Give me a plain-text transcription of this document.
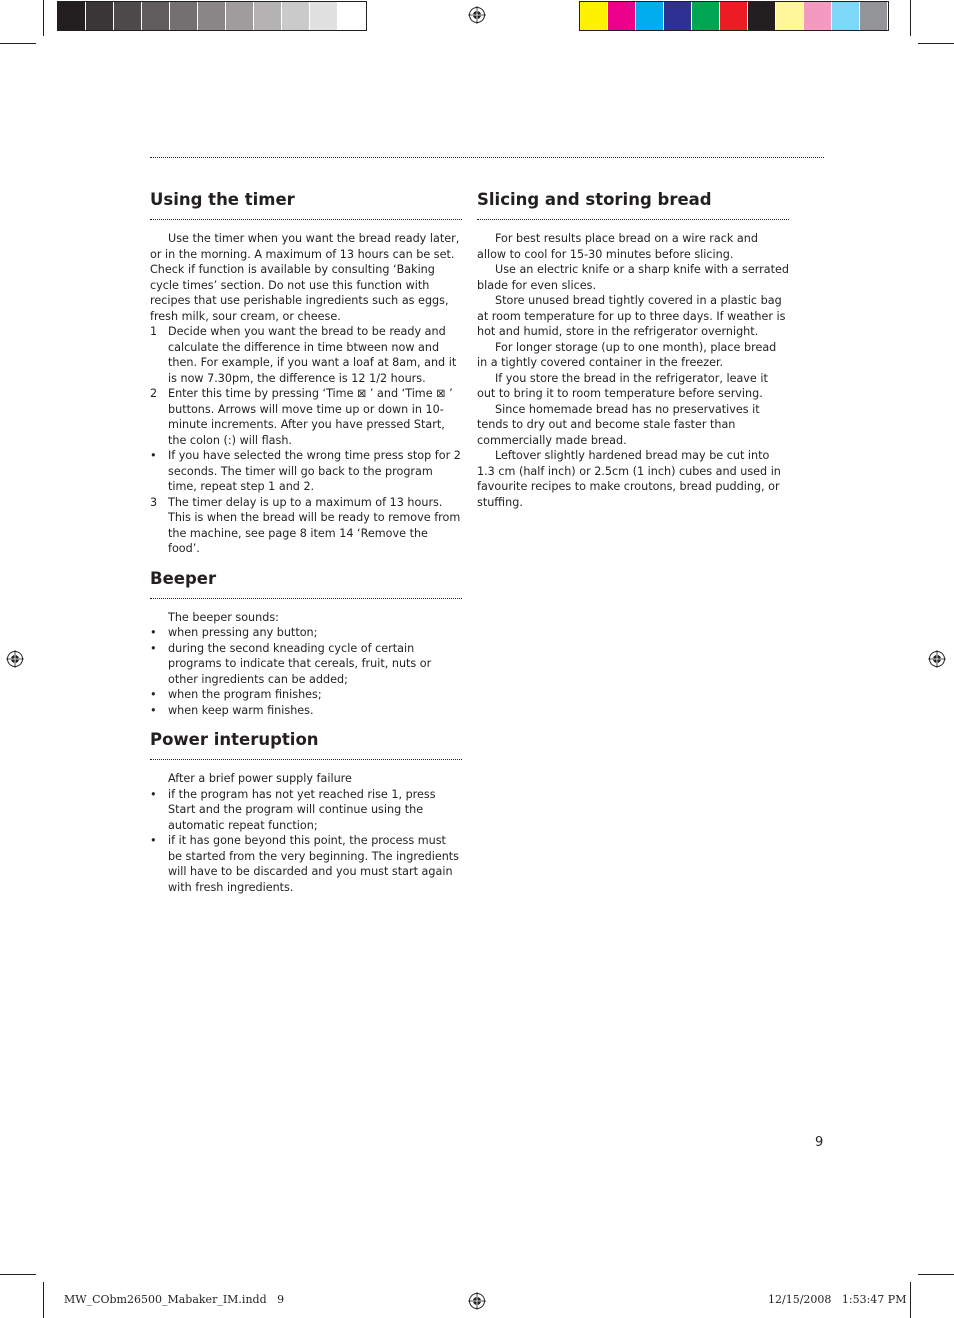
Using the timer

Use the timer when you want the bread ready later, or in the morning. A maximum of 13 hours can be set. Check if function is available by consulting ‘Baking cycle times’ section. Do not use this function with recipes that use perishable ingredients such as eggs, fresh milk, sour cream, or cheese.

1 Decide when you want the bread to be ready and calculate the difference in time btween now and then. For example, if you want a loaf at 8am, and it is now 7.30pm, the difference is 12 1/2 hours.
2 Enter this time by pressing ‘Time ⊠ ’ and ‘Time ⊠ ’ buttons. Arrows will move time up or down in 10-minute increments. After you have pressed Start, the colon (:) will flash.
• If you have selected the wrong time press stop for 2 seconds. The timer will go back to the program time, repeat step 1 and 2.
3 The timer delay is up to a maximum of 13 hours. This is when the bread will be ready to remove from the machine, see page 8 item 14 ‘Remove the food’.
Beeper

The beeper sounds:

• when pressing any button;
• during the second kneading cycle of certain programs to indicate that cereals, fruit, nuts or other ingredients can be added;
• when the program finishes;
• when keep warm finishes.
Power interuption

After a brief power supply failure

• if the program has not yet reached rise 1, press Start and the program will continue using the automatic repeat function;
• if it has gone beyond this point, the process must be started from the very beginning. The ingredients will have to be discarded and you must start again with fresh ingredients.
Slicing and storing bread

For best results place bread on a wire rack and allow to cool for 15-30 minutes before slicing.

Use an electric knife or a sharp knife with a serrated blade for even slices.

Store unused bread tightly covered in a plastic bag at room temperature for up to three days. If weather is hot and humid, store in the refrigerator overnight.

For longer storage (up to one month), place bread in a tightly covered container in the freezer.

If you store the bread in the refrigerator, leave it out to bring it to room temperature before serving.

Since homemade bread has no preservatives it tends to dry out and become stale faster than commercially made bread.

Leftover slightly hardened bread may be cut into 1.3 cm (half inch) or 2.5cm (1 inch) cubes and used in favourite recipes to make croutons, bread pudding, or stuffing.

9
MW_CObm26500_Mabaker_IM.indd   9	12/15/2008   1:53:47 PM
